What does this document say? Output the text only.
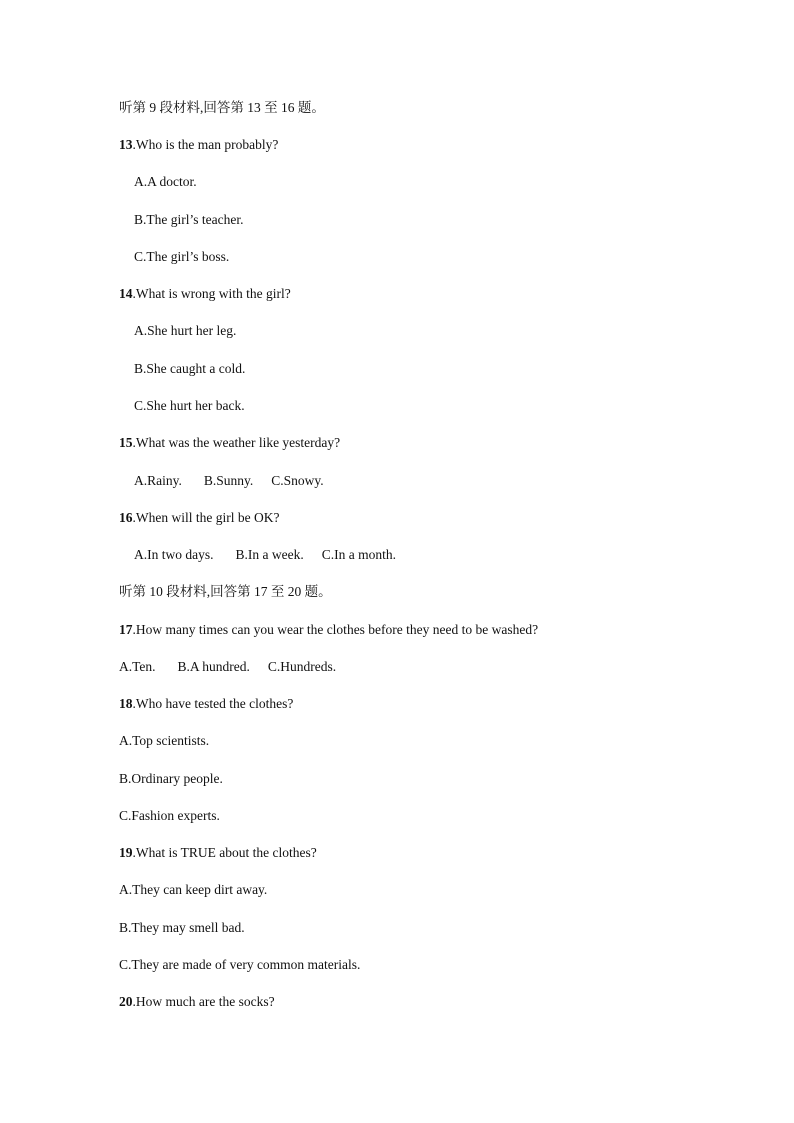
听第 9 段材料,回答第 13 至 16 题。
13.Who is the man probably?
A.A doctor.
B.The girl’s teacher.
C.The girl’s boss.
14.What is wrong with the girl?
A.She hurt her leg.
B.She caught a cold.
C.She hurt her back.
15.What was the weather like yesterday?
A.Rainy. B.Sunny. C.Snowy.
16.When will the girl be OK?
A.In two days. B.In a week. C.In a month.
听第 10 段材料,回答第 17 至 20 题。
17.How many times can you wear the clothes before they need to be washed?
A.Ten. B.A hundred. C.Hundreds.
18.Who have tested the clothes?
A.Top scientists.
B.Ordinary people.
C.Fashion experts.
19.What is TRUE about the clothes?
A.They can keep dirt away.
B.They may smell bad.
C.They are made of very common materials.
20.How much are the socks?
